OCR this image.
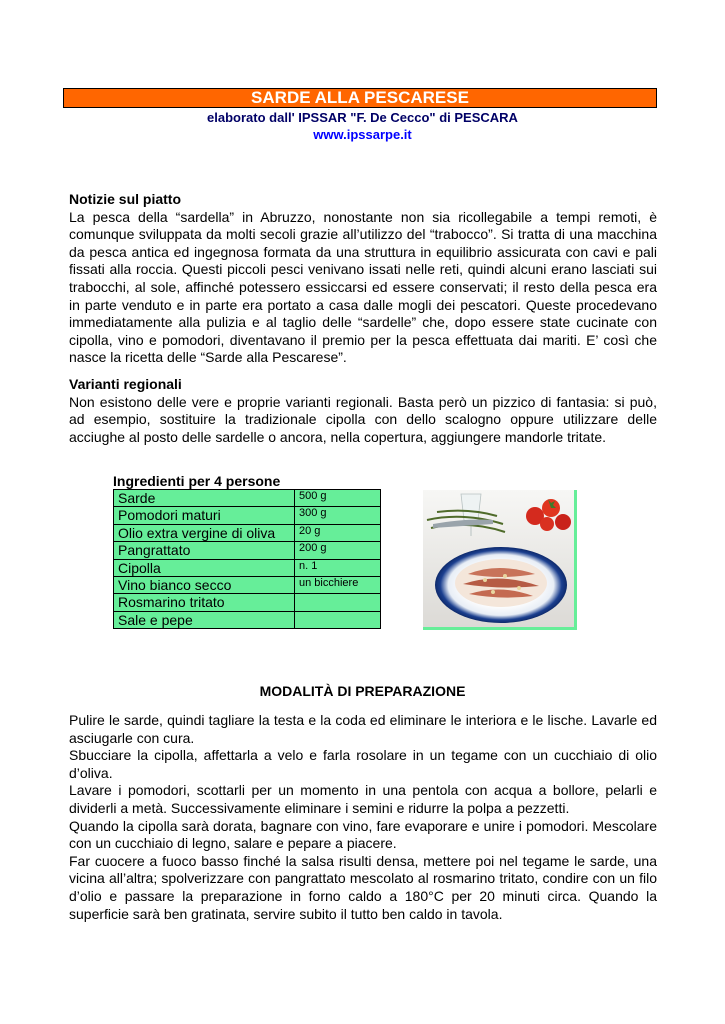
SARDE ALLA PESCARESE
elaborato dall' IPSSAR "F. De Cecco" di PESCARA
www.ipssarpe.it
Notizie sul piatto
La pesca della “sardella” in Abruzzo, nonostante non sia ricollegabile a tempi remoti, è comunque sviluppata da molti secoli grazie all’utilizzo del “trabocco”. Si tratta di una macchina da pesca antica ed ingegnosa formata da una struttura in equilibrio assicurata con cavi e pali fissati alla roccia. Questi piccoli pesci venivano issati nelle reti, quindi alcuni erano lasciati sui trabocchi, al sole, affinché potessero essiccarsi ed essere conservati; il resto della pesca era in parte venduto e in parte era portato a casa dalle mogli dei pescatori. Queste procedevano immediatamente alla pulizia e al taglio delle “sardelle” che, dopo essere state cucinate con cipolla, vino e pomodori, diventavano il premio per la pesca effettuata dai mariti. E’ così che nasce la ricetta delle “Sarde alla Pescarese”.
Varianti regionali
Non esistono delle vere e proprie varianti regionali. Basta però un pizzico di fantasia: si può, ad esempio, sostituire la tradizionale cipolla con dello scalogno oppure utilizzare delle acciughe al posto delle sardelle o ancora, nella copertura, aggiungere mandorle tritate.
Ingredienti per 4 persone
Sarde	500 g
Pomodori maturi	300 g
Olio extra vergine di oliva	20 g
Pangrattato	200 g
Cipolla	n. 1
Vino bianco secco	un bicchiere
Rosmarino tritato	
Sale e pepe	
MODALITÀ DI PREPARAZIONE

Pulire le sarde, quindi tagliare la testa e la coda ed eliminare le interiora e le lische. Lavarle ed asciugarle con cura.

Sbucciare la cipolla, affettarla a velo e farla rosolare in un tegame con un cucchiaio di olio d’oliva.

Lavare i pomodori, scottarli per un momento in una pentola con acqua a bollore, pelarli e dividerli a metà. Successivamente eliminare i semini e ridurre la polpa a pezzetti.

Quando la cipolla sarà dorata, bagnare con vino, fare evaporare e unire i pomodori. Mescolare con un cucchiaio di legno, salare e pepare a piacere.

Far cuocere a fuoco basso finché la salsa risulti densa, mettere poi nel tegame le sarde, una vicina all’altra; spolverizzare con pangrattato mescolato al rosmarino tritato, condire con un filo d’olio e passare la preparazione in forno caldo a 180°C per 20 minuti circa. Quando la superficie sarà ben gratinata, servire subito il tutto ben caldo in tavola.
